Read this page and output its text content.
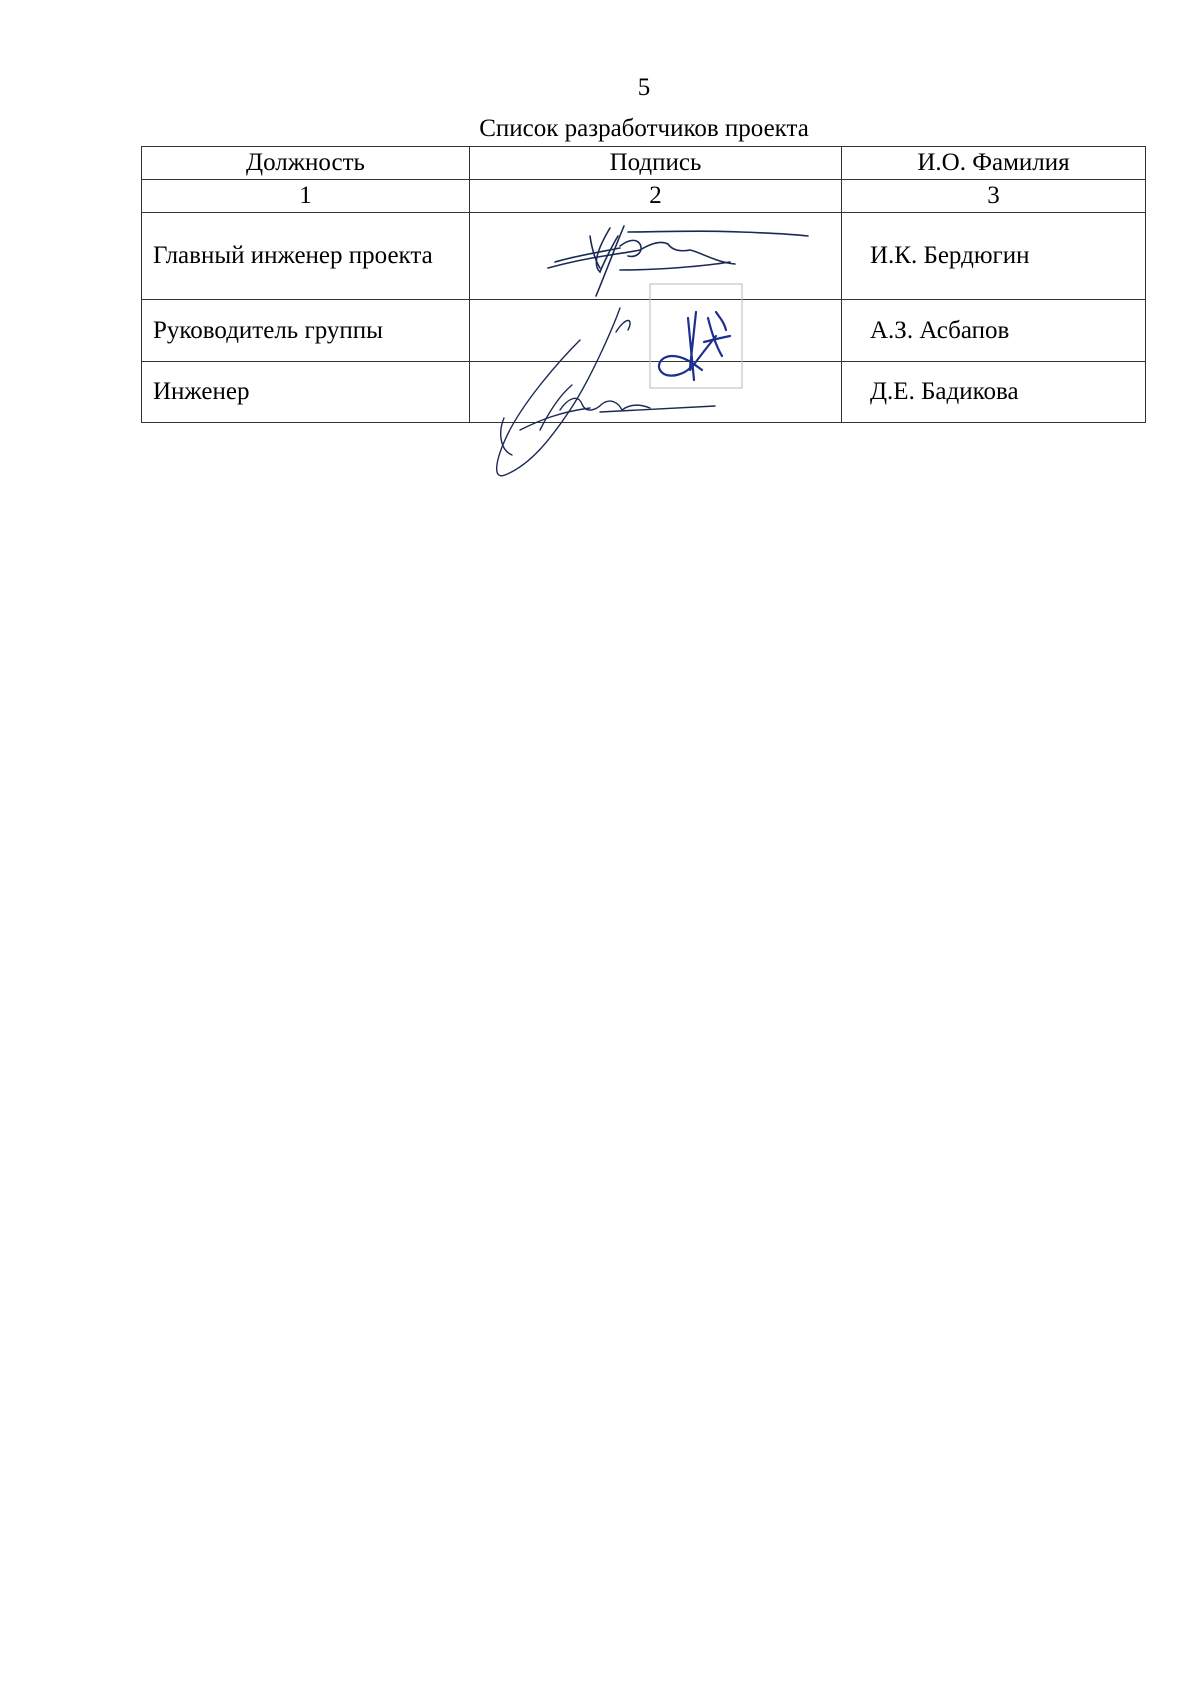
5
Список разработчиков проекта
Должность	Подпись	И.О. Фамилия
1	2	3
Главный инженер проекта		И.К. Бердюгин
Руководитель группы		А.З. Асбапов
Инженер		Д.Е. Бадикова
